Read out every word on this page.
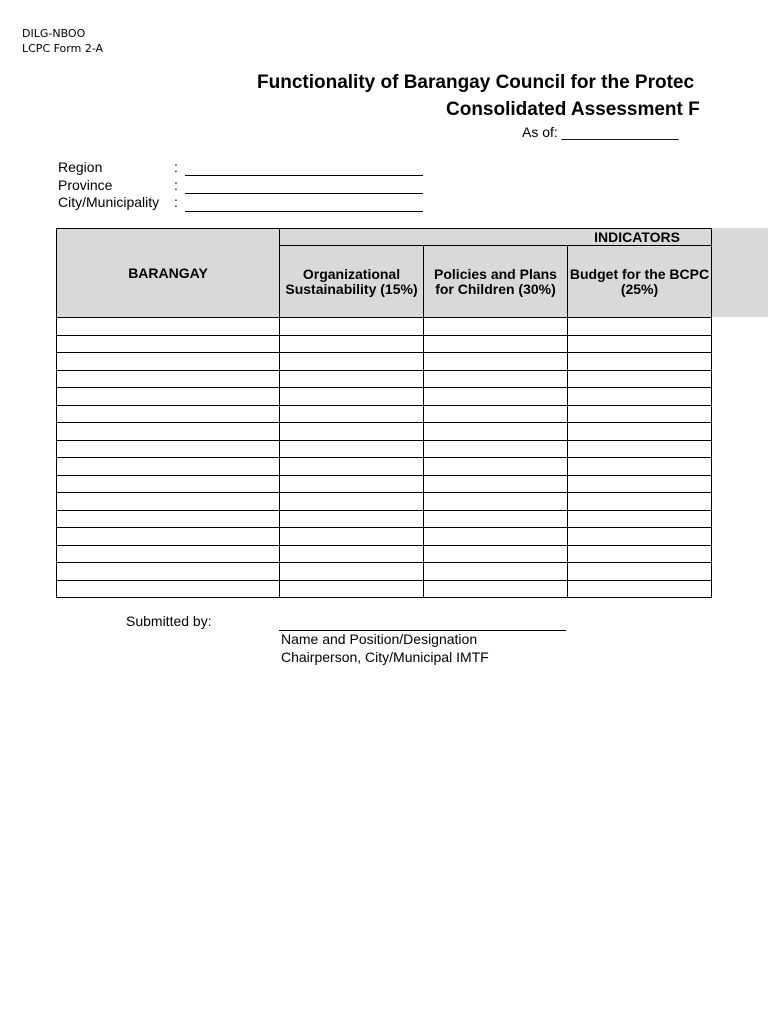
DILG-NBOO
LCPC Form 2-A
Functionality of Barangay Council for the Protec
Consolidated Assessment F
As of: _______________
Region	:
Province	:
City/Municipality :
BARANGAY	INDICATORS		
	Organizational Sustainability (15%)	Policies and Plans for Children (30%)	Budget for the BCPC (25%)

Submitted by:
Name and Position/Designation
Chairperson, City/Municipal IMTF
